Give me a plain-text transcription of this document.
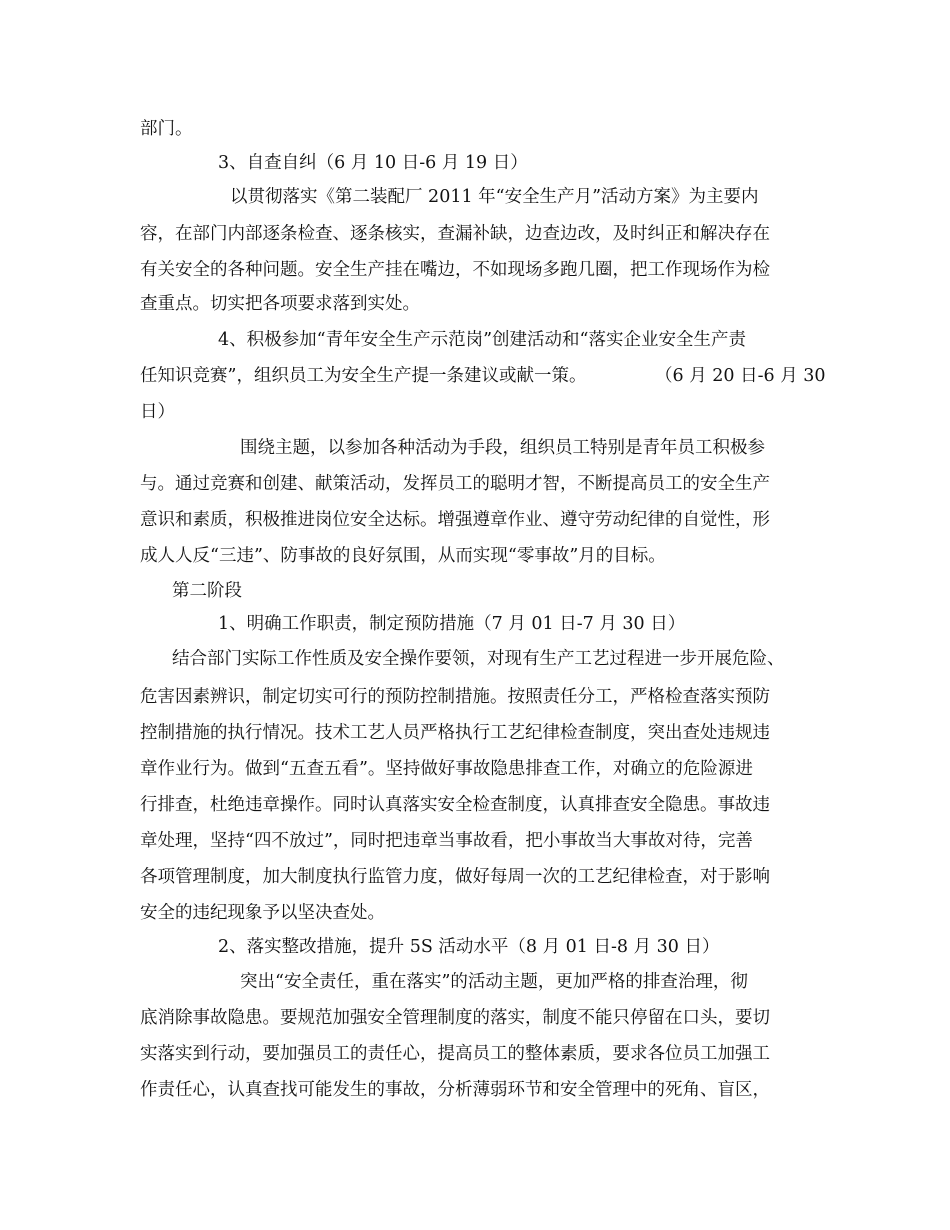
部门。
3、自查自纠（6 月 10 日-6 月 19 日）
以贯彻落实《第二装配厂 2011 年“安全生产月”活动方案》为主要内
容，在部门内部逐条检查、逐条核实，查漏补缺，边查边改，及时纠正和解决存在
有关安全的各种问题。安全生产挂在嘴边，不如现场多跑几圈，把工作现场作为检
查重点。切实把各项要求落到实处。
4、积极参加“青年安全生产示范岗”创建活动和“落实企业安全生产责
任知识竞赛”，组织员工为安全生产提一条建议或献一策。	（6 月 20 日-6 月 30
日）
围绕主题，以参加各种活动为手段，组织员工特别是青年员工积极参
与。通过竞赛和创建、献策活动，发挥员工的聪明才智，不断提高员工的安全生产
意识和素质，积极推进岗位安全达标。增强遵章作业、遵守劳动纪律的自觉性，形
成人人反“三违”、防事故的良好氛围，从而实现“零事故”月的目标。
第二阶段
1、明确工作职责，制定预防措施（7 月 01 日-7 月 30 日）
结合部门实际工作性质及安全操作要领，对现有生产工艺过程进一步开展危险、
危害因素辨识，制定切实可行的预防控制措施。按照责任分工，严格检查落实预防
控制措施的执行情况。技术工艺人员严格执行工艺纪律检查制度，突出查处违规违
章作业行为。做到“五查五看”。坚持做好事故隐患排查工作，对确立的危险源进
行排查，杜绝违章操作。同时认真落实安全检查制度，认真排查安全隐患。事故违
章处理，坚持“四不放过”，同时把违章当事故看，把小事故当大事故对待，完善
各项管理制度，加大制度执行监管力度，做好每周一次的工艺纪律检查，对于影响
安全的违纪现象予以坚决查处。
2、落实整改措施，提升 5S 活动水平（8 月 01 日-8 月 30 日）
突出“安全责任，重在落实”的活动主题，更加严格的排查治理，彻
底消除事故隐患。要规范加强安全管理制度的落实，制度不能只停留在口头，要切
实落实到行动，要加强员工的责任心，提高员工的整体素质，要求各位员工加强工
作责任心，认真查找可能发生的事故，分析薄弱环节和安全管理中的死角、盲区，
